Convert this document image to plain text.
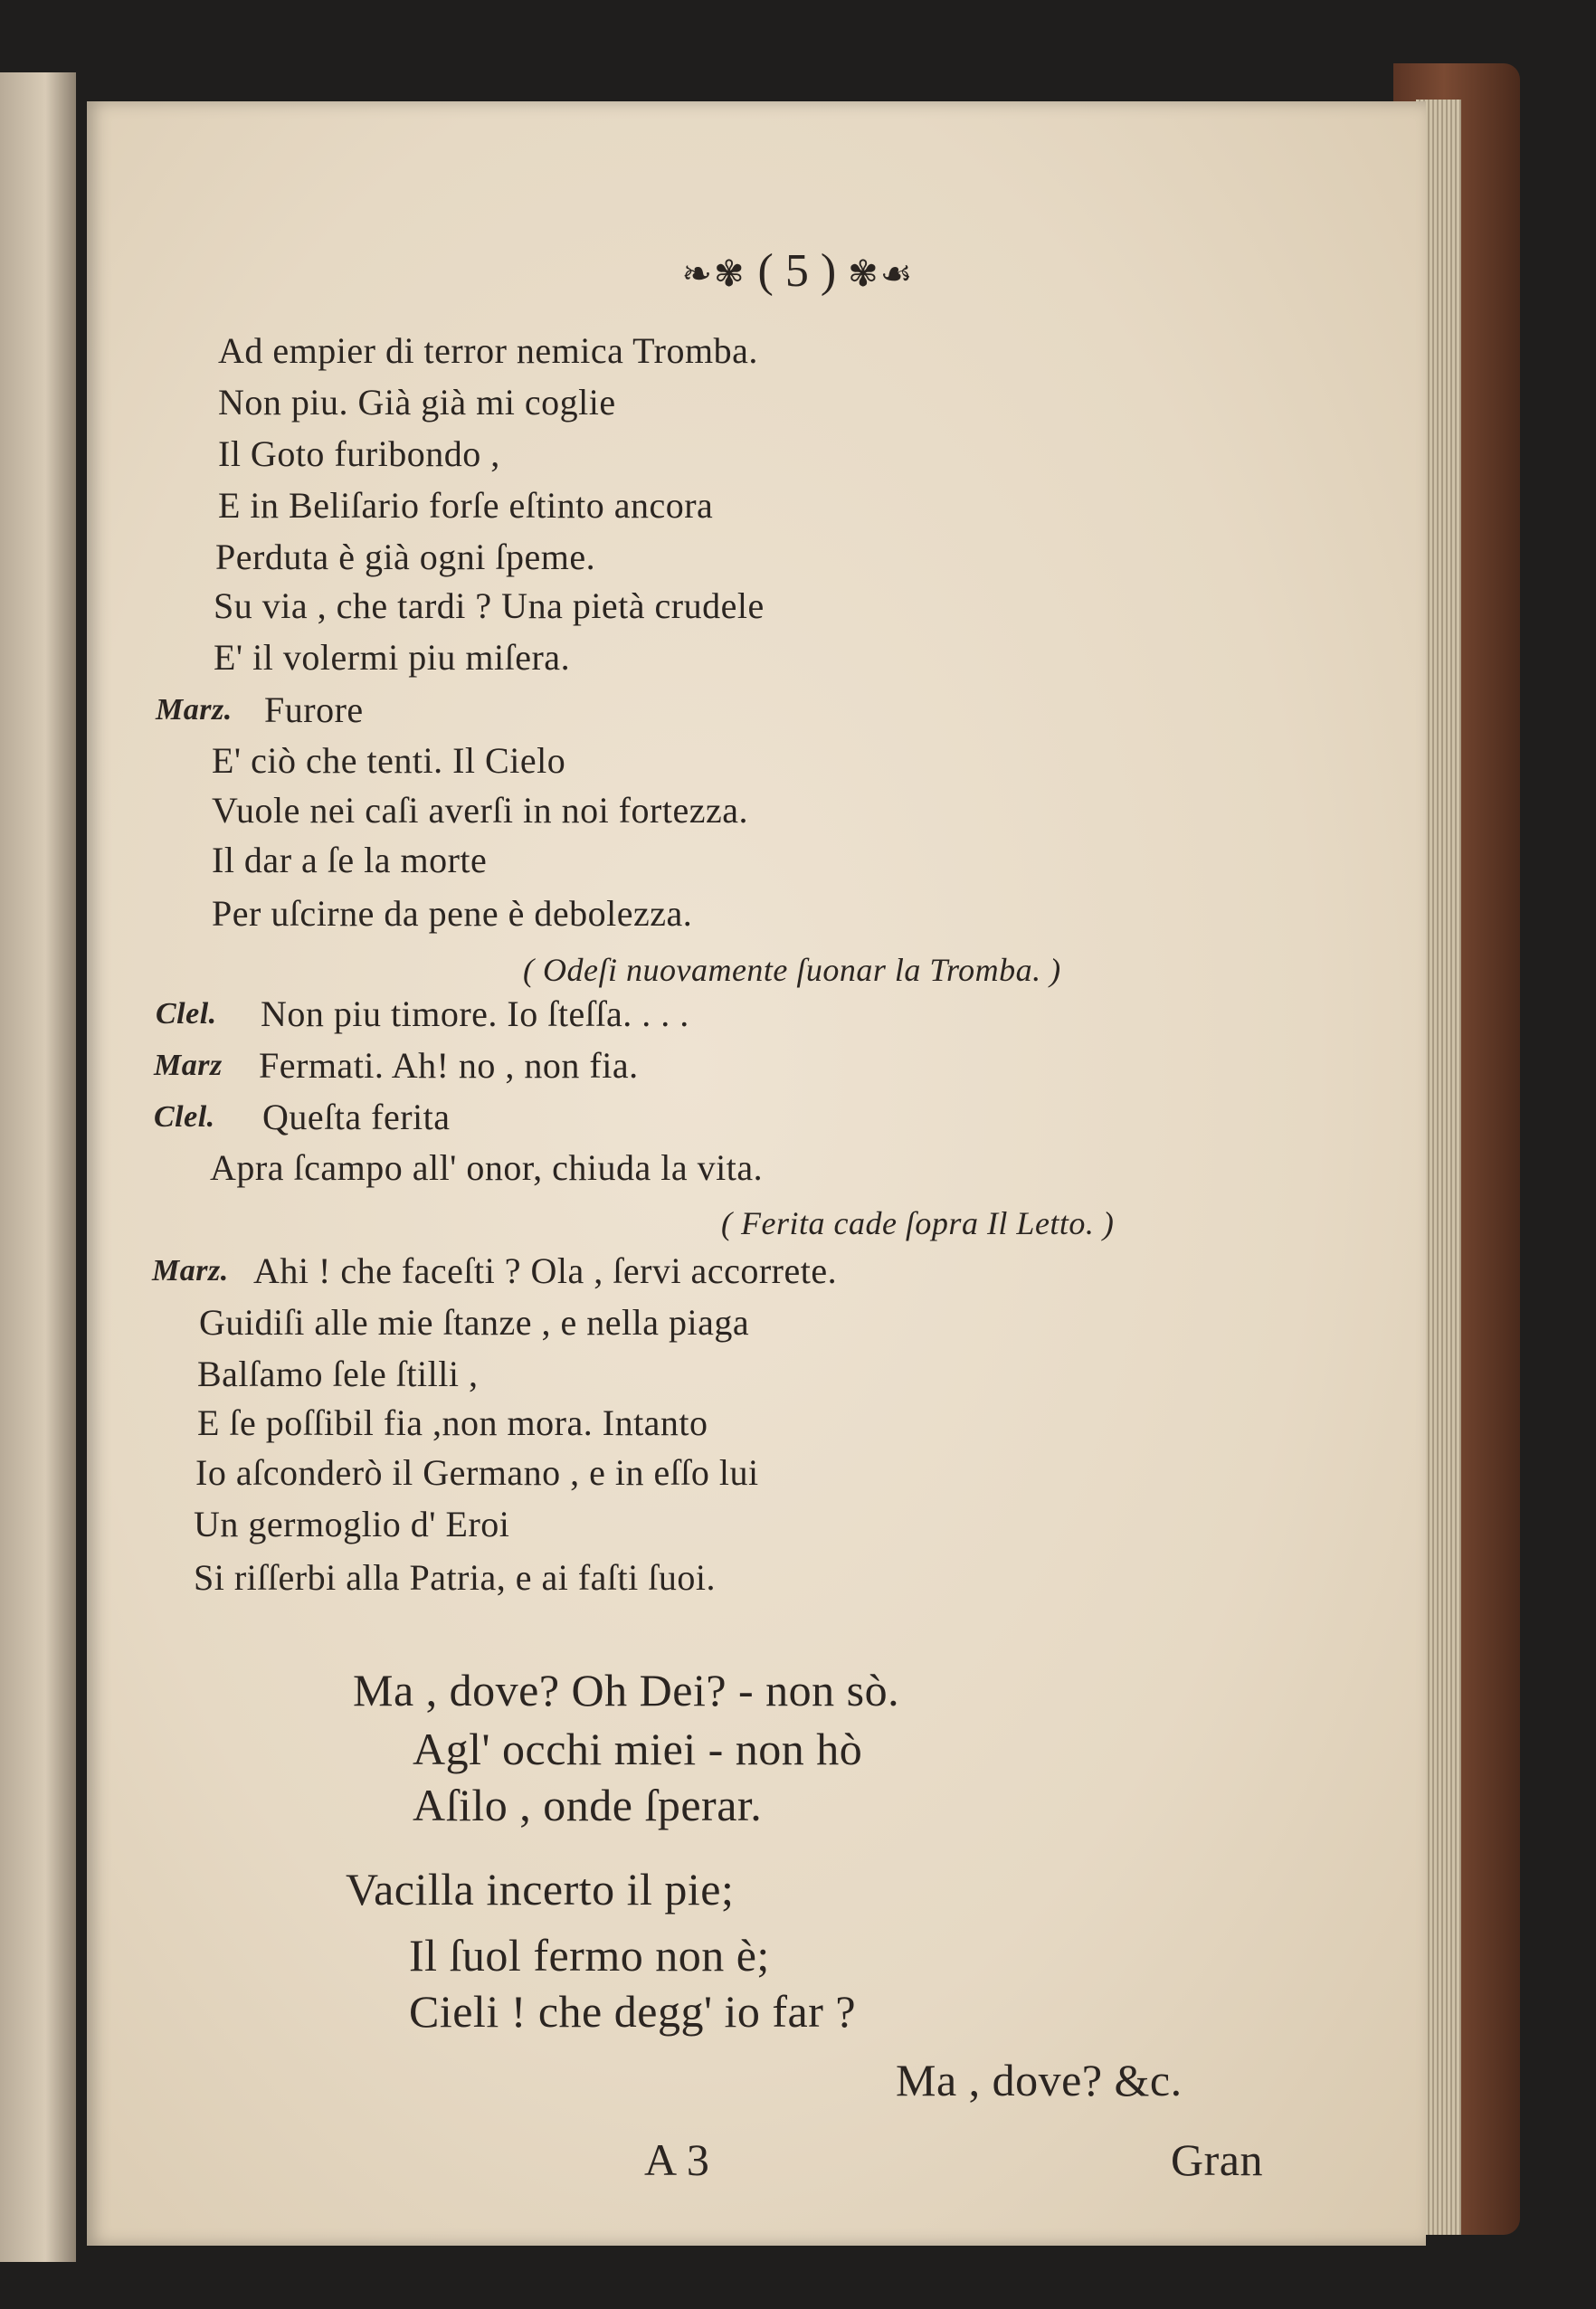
❧✾ ( 5 ) ✾☙
Ad empier di terror nemica Tromba.
Non piu. Già già mi coglie
Il Goto furibondo ,
E in Beliſario forſe eſtinto ancora
Perduta è già ogni ſpeme.
Su via , che tardi ? Una pietà crudele
E' il volermi piu miſera.
Marz. Furore
E' ciò che tenti. Il Cielo
Vuole nei caſi averſi in noi fortezza.
Il dar a ſe la morte
Per uſcirne da pene è debolezza.
( Odeſi nuovamente ſuonar la Tromba. )
Clel. Non piu timore. Io ſteſſa. . . .
Marz Fermati. Ah! no , non fia.
Clel. Queſta ferita
Apra ſcampo all' onor, chiuda la vita.
( Ferita cade ſopra Il Letto. )
Marz. Ahi ! che faceſti ? Ola , ſervi accorrete.
Guidiſi alle mie ſtanze , e nella piaga
Balſamo ſele ſtilli ,
E ſe poſſibil fia ,non mora. Intanto
Io aſconderò il Germano , e in eſſo lui
Un germoglio d' Eroi
Si riſſerbi alla Patria, e ai faſti ſuoi.
Ma , dove? Oh Dei? - non sò.
Agl' occhi miei - non hò
Aſilo , onde ſperar.
Vacilla incerto il pie;
Il ſuol fermo non è;
Cieli ! che degg' io far ?
Ma , dove? &c.
A 3	Gran
